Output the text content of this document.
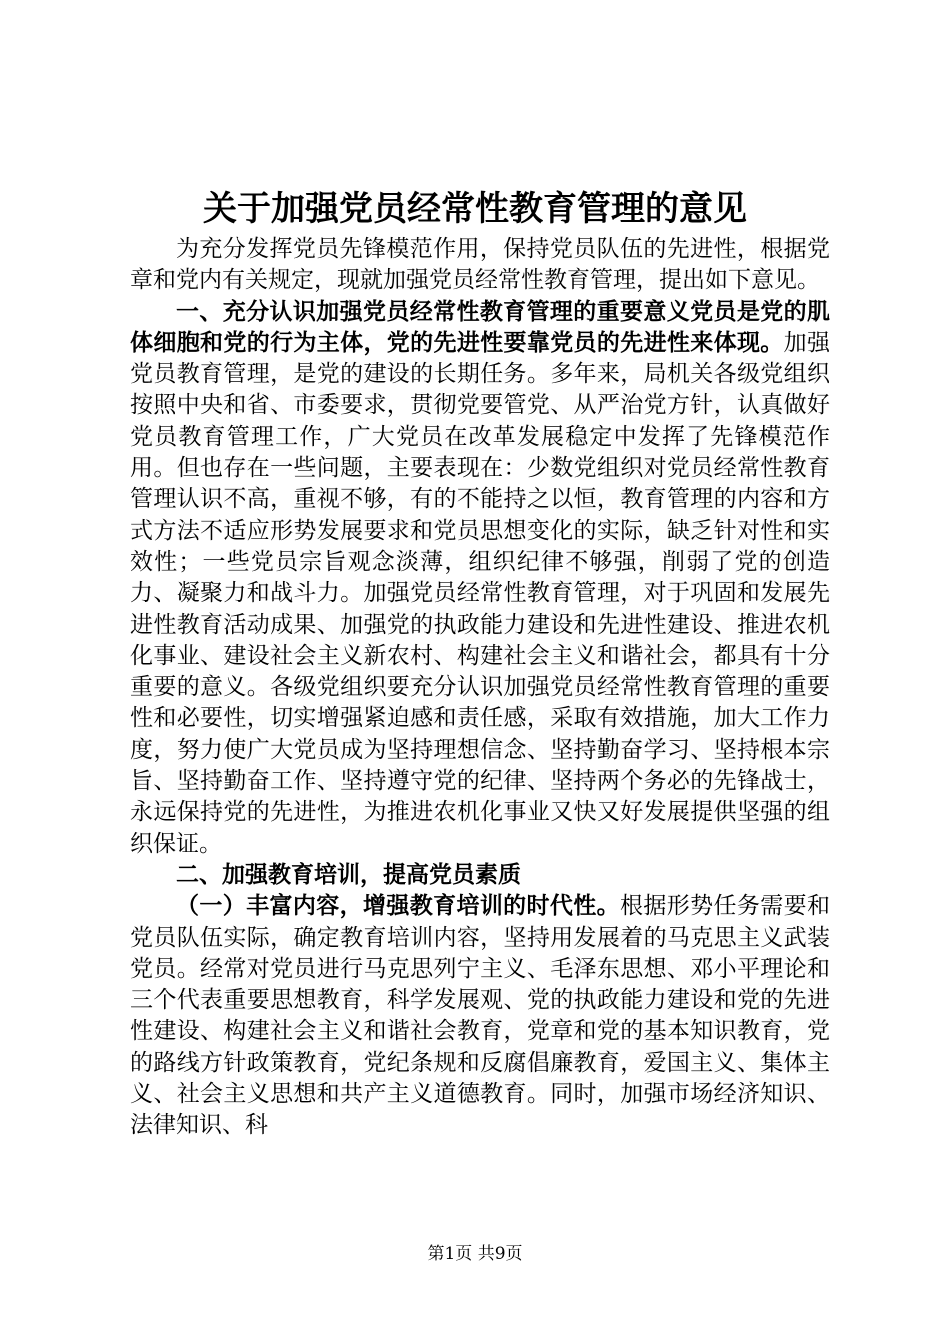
关于加强党员经常性教育管理的意见

为充分发挥党员先锋模范作用，保持党员队伍的先进性，根据党章和党内有关规定，现就加强党员经常性教育管理，提出如下意见。

一、充分认识加强党员经常性教育管理的重要意义党员是党的肌体细胞和党的行为主体，党的先进性要靠党员的先进性来体现。加强党员教育管理，是党的建设的长期任务。多年来，局机关各级党组织按照中央和省、市委要求，贯彻党要管党、从严治党方针，认真做好党员教育管理工作，广大党员在改革发展稳定中发挥了先锋模范作用。但也存在一些问题，主要表现在：少数党组织对党员经常性教育管理认识不高，重视不够，有的不能持之以恒，教育管理的内容和方式方法不适应形势发展要求和党员思想变化的实际，缺乏针对性和实效性；一些党员宗旨观念淡薄，组织纪律不够强，削弱了党的创造力、凝聚力和战斗力。加强党员经常性教育管理，对于巩固和发展先进性教育活动成果、加强党的执政能力建设和先进性建设、推进农机化事业、建设社会主义新农村、构建社会主义和谐社会，都具有十分重要的意义。各级党组织要充分认识加强党员经常性教育管理的重要性和必要性，切实增强紧迫感和责任感，采取有效措施，加大工作力度，努力使广大党员成为坚持理想信念、坚持勤奋学习、坚持根本宗旨、坚持勤奋工作、坚持遵守党的纪律、坚持两个务必的先锋战士，永远保持党的先进性，为推进农机化事业又快又好发展提供坚强的组织保证。

二、加强教育培训，提高党员素质

（一）丰富内容，增强教育培训的时代性。根据形势任务需要和党员队伍实际，确定教育培训内容，坚持用发展着的马克思主义武装党员。经常对党员进行马克思列宁主义、毛泽东思想、邓小平理论和三个代表重要思想教育，科学发展观、党的执政能力建设和党的先进性建设、构建社会主义和谐社会教育，党章和党的基本知识教育，党的路线方针政策教育，党纪条规和反腐倡廉教育，爱国主义、集体主义、社会主义思想和共产主义道德教育。同时，加强市场经济知识、法律知识、科

第1页 共9页
